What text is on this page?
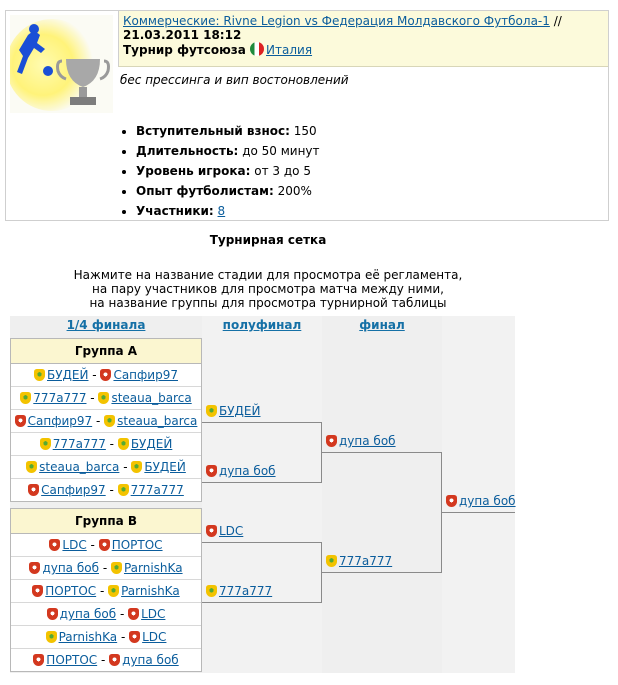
Коммерческие: Rivne Legion vs Федерация Молдавского Футбола-1 //
21.03.2011 18:12
Турнир футсоюза Италия
бес прессинга и вип востоновлений
• Вступительный взнос: 150
• Длительность: до 50 минут
• Уровень игрока: от 3 до 5
• Опыт футболистам: 200%
• Участники: 8
Турнирная сетка
Нажмите на название стадии для просмотра её регламента,
на пару участников для просмотра матча между ними,
на название группы для просмотра турнирной таблицы
1/4 финала	полуфинал	финал
Группа A
БУДЕЙ - Сапфир97
777a777 - steaua_barca
Сапфир97 - steaua_barca
777a777 - БУДЕЙ
steaua_barca - БУДЕЙ
Сапфир97 - 777a777
Группа B
LDC - ПОРТОС
дупа боб - ParnishKa
ПОРТОС - ParnishKa
дупа боб - LDC
ParnishKa - LDC
ПОРТОС - дупа боб
БУДЕЙ
дупа боб
LDC
777a777
дупа боб
777a777
дупа боб
